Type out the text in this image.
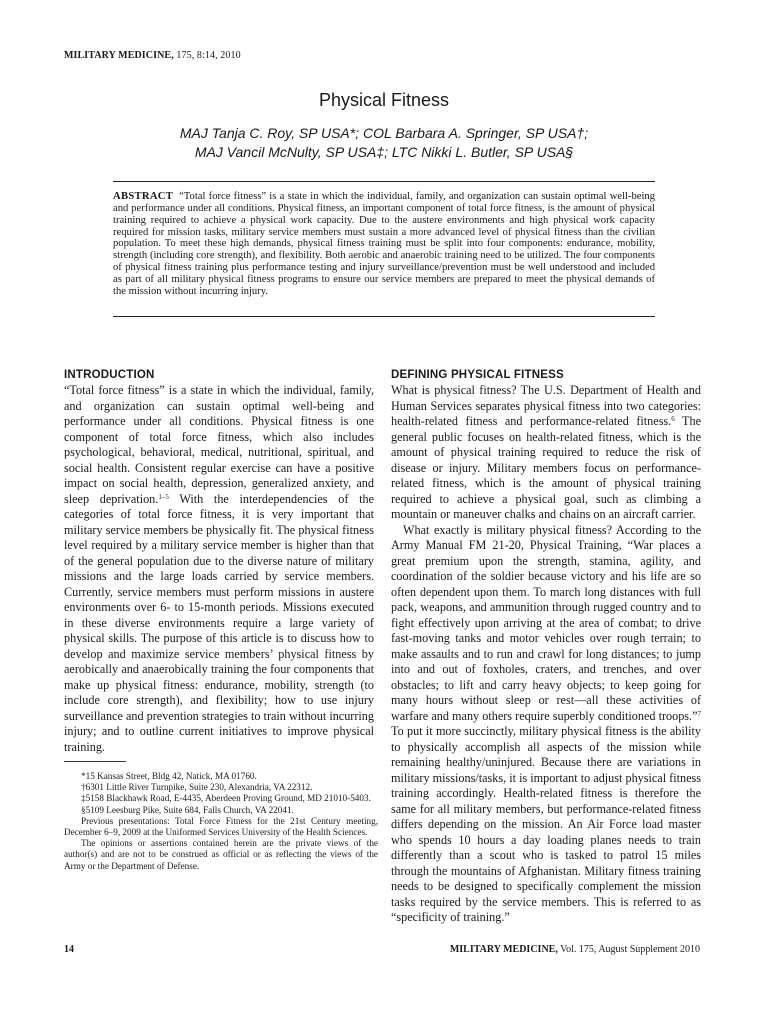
MILITARY MEDICINE, 175, 8:14, 2010
Physical Fitness
MAJ Tanja C. Roy, SP USA*; COL Barbara A. Springer, SP USA†;
MAJ Vancil McNulty, SP USA‡; LTC Nikki L. Butler, SP USA§
ABSTRACT “Total force fitness” is a state in which the individual, family, and organization can sustain optimal well-being and performance under all conditions. Physical fitness, an important component of total force fitness, is the amount of physical training required to achieve a physical work capacity. Due to the austere environments and high physical work capacity required for mission tasks, military service members must sustain a more advanced level of physical fitness than the civilian population. To meet these high demands, physical fitness training must be split into four components: endurance, mobility, strength (including core strength), and flexibility. Both aerobic and anaerobic training need to be utilized. The four components of physical fitness training plus performance testing and injury surveillance/prevention must be well understood and included as part of all military physical fitness programs to ensure our service members are prepared to meet the physical demands of the mission without incurring injury.
INTRODUCTION

“Total force fitness” is a state in which the individual, family, and organization can sustain optimal well-being and performance under all conditions. Physical fitness is one component of total force fitness, which also includes psychological, behavioral, medical, nutritional, spiritual, and social health. Consistent regular exercise can have a positive impact on social health, depression, generalized anxiety, and sleep deprivation.$^{1-5}$ With the interdependencies of the categories of total force fitness, it is very important that military service members be physically fit. The physical fitness level required by a military service member is higher than that of the general population due to the diverse nature of military missions and the large loads carried by service members. Currently, service members must perform missions in austere environments over 6- to 15-month periods. Missions executed in these diverse environments require a large variety of physical skills. The purpose of this article is to discuss how to develop and maximize service members’ physical fitness by aerobically and anaerobically training the four components that make up physical fitness: endurance, mobility, strength (to include core strength), and flexibility; how to use injury surveillance and prevention strategies to train without incurring injury; and to outline current initiatives to improve physical training.

*15 Kansas Street, Bldg 42, Natick, MA 01760.

†6301 Little River Turnpike, Suite 230, Alexandria, VA 22312.

‡5158 Blackhawk Road, E-4435, Aberdeen Proving Ground, MD 21010-5403.

§5109 Leesburg Pike, Suite 684, Falls Church, VA 22041.

Previous presentations: Total Force Fitness for the 21st Century meeting, December 6–9, 2009 at the Uniformed Services University of the Health Sciences.

The opinions or assertions contained herein are the private views of the author(s) and are not to be construed as official or as reflecting the views of the Army or the Department of Defense.

DEFINING PHYSICAL FITNESS

What is physical fitness? The U.S. Department of Health and Human Services separates physical fitness into two categories: health-related fitness and performance-related fitness.$^6$ The general public focuses on health-related fitness, which is the amount of physical training required to reduce the risk of disease or injury. Military members focus on performance-related fitness, which is the amount of physical training required to achieve a physical goal, such as climbing a mountain or maneuver chalks and chains on an aircraft carrier.

What exactly is military physical fitness? According to the Army Manual FM 21-20, Physical Training, “War places a great premium upon the strength, stamina, agility, and coordination of the soldier because victory and his life are so often dependent upon them. To march long distances with full pack, weapons, and ammunition through rugged country and to fight effectively upon arriving at the area of combat; to drive fast-moving tanks and motor vehicles over rough terrain; to make assaults and to run and crawl for long distances; to jump into and out of foxholes, craters, and trenches, and over obstacles; to lift and carry heavy objects; to keep going for many hours without sleep or rest—all these activities of warfare and many others require superbly conditioned troops.”$^7$ To put it more succinctly, military physical fitness is the ability to physically accomplish all aspects of the mission while remaining healthy/uninjured. Because there are variations in military missions/tasks, it is important to adjust physical fitness training accordingly. Health-related fitness is therefore the same for all military members, but performance-related fitness differs depending on the mission. An Air Force load master who spends 10 hours a day loading planes needs to train differently than a scout who is tasked to patrol 15 miles through the mountains of Afghanistan. Military fitness training needs to be designed to specifically complement the mission tasks required by the service members. This is referred to as “specificity of training.”

14	MILITARY MEDICINE, Vol. 175, August Supplement 2010
